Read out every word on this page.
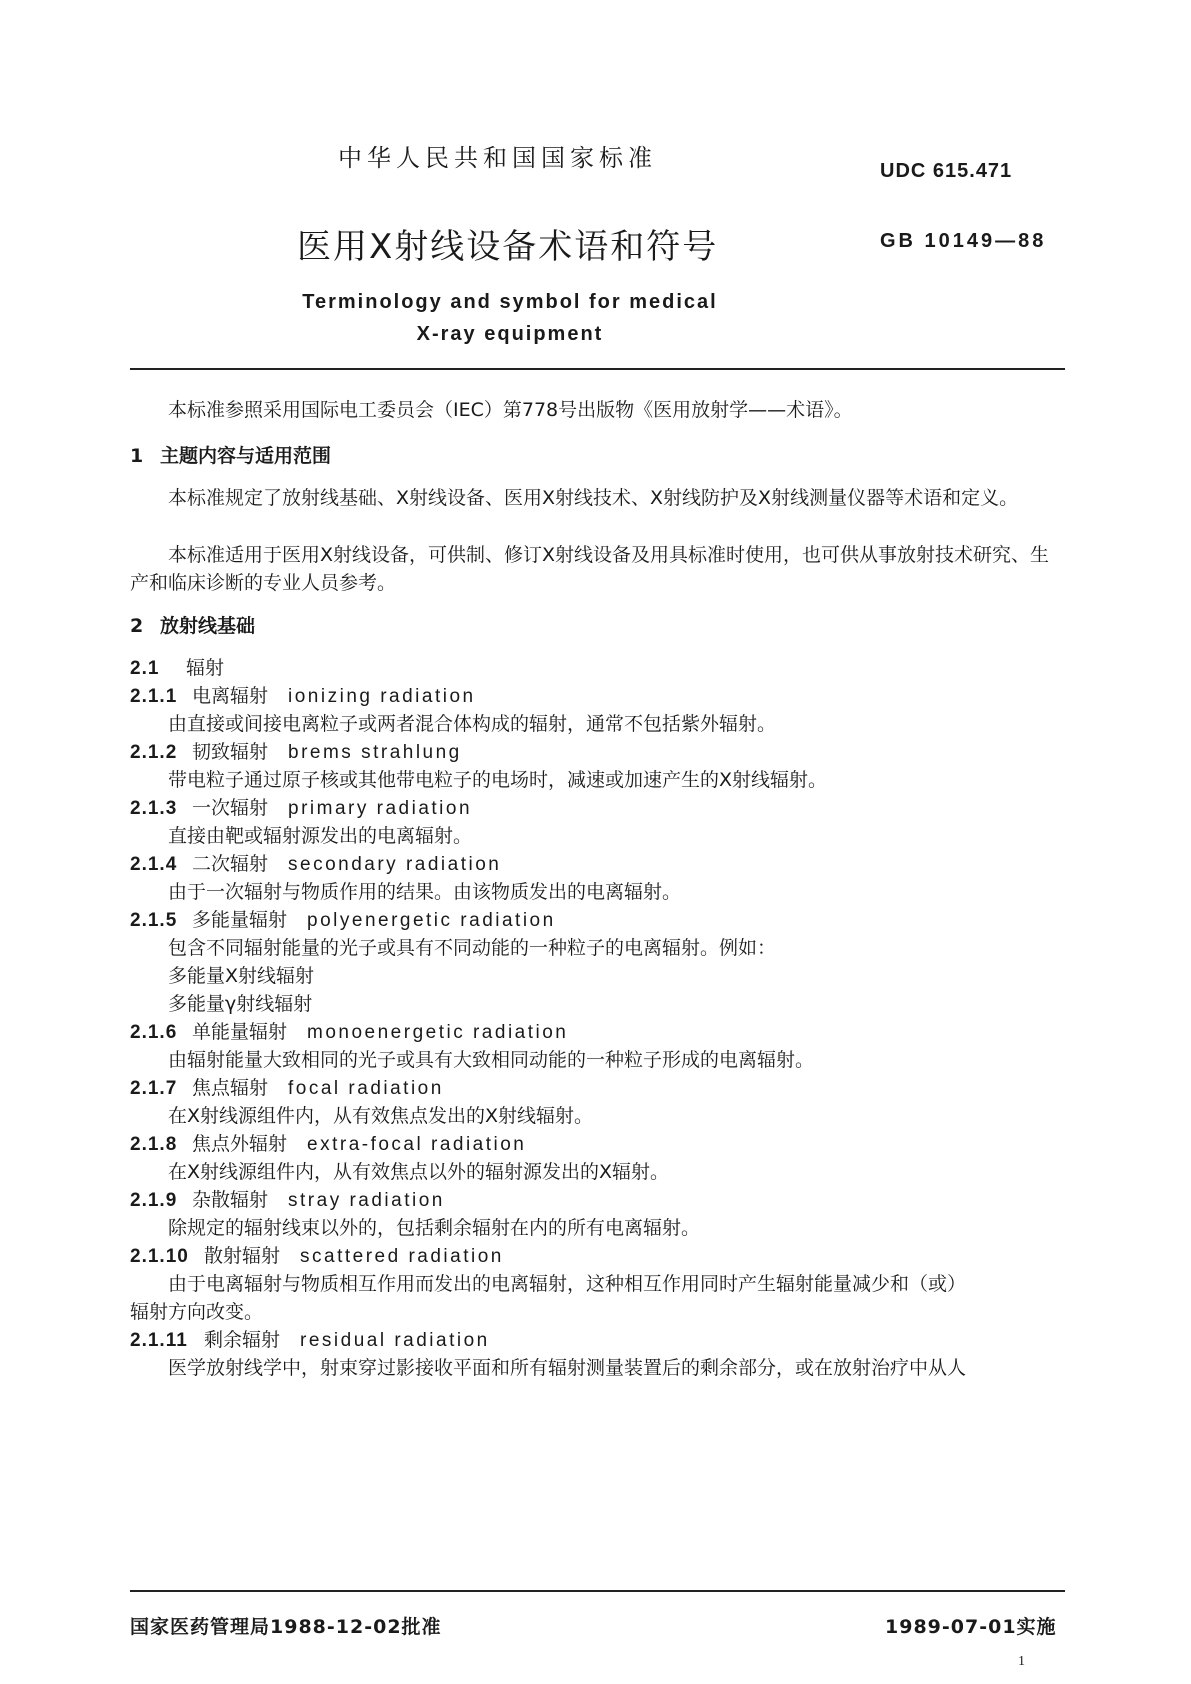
中华人民共和国国家标准	UDC 615.471
医用X射线设备术语和符号	GB 10149—88
Terminology and symbol for medical
X-ray equipment
本标准参照采用国际电工委员会（IEC）第778号出版物《医用放射学——术语》。
1 主题内容与适用范围
本标准规定了放射线基础、X射线设备、医用X射线技术、X射线防护及X射线测量仪器等术语和定义。
本标准适用于医用X射线设备，可供制、修订X射线设备及用具标准时使用，也可供从事放射技术研究、生产和临床诊断的专业人员参考。
2 放射线基础
2.1 辐射
2.1.1 电离辐射 ionizing radiation
由直接或间接电离粒子或两者混合体构成的辐射，通常不包括紫外辐射。
2.1.2 韧致辐射 brems strahlung
带电粒子通过原子核或其他带电粒子的电场时，减速或加速产生的X射线辐射。
2.1.3 一次辐射 primary radiation
直接由靶或辐射源发出的电离辐射。
2.1.4 二次辐射 secondary radiation
由于一次辐射与物质作用的结果。由该物质发出的电离辐射。
2.1.5 多能量辐射 polyenergetic radiation
包含不同辐射能量的光子或具有不同动能的一种粒子的电离辐射。例如：
多能量X射线辐射
多能量γ射线辐射
2.1.6 单能量辐射 monoenergetic radiation
由辐射能量大致相同的光子或具有大致相同动能的一种粒子形成的电离辐射。
2.1.7 焦点辐射 focal radiation
在X射线源组件内，从有效焦点发出的X射线辐射。
2.1.8 焦点外辐射 extra-focal radiation
在X射线源组件内，从有效焦点以外的辐射源发出的X辐射。
2.1.9 杂散辐射 stray radiation
除规定的辐射线束以外的，包括剩余辐射在内的所有电离辐射。
2.1.10 散射辐射 scattered radiation
由于电离辐射与物质相互作用而发出的电离辐射，这种相互作用同时产生辐射能量减少和（或）
辐射方向改变。
2.1.11 剩余辐射 residual radiation
医学放射线学中，射束穿过影接收平面和所有辐射测量装置后的剩余部分，或在放射治疗中从人
国家医药管理局1988-12-02批准	1989-07-01实施
1
